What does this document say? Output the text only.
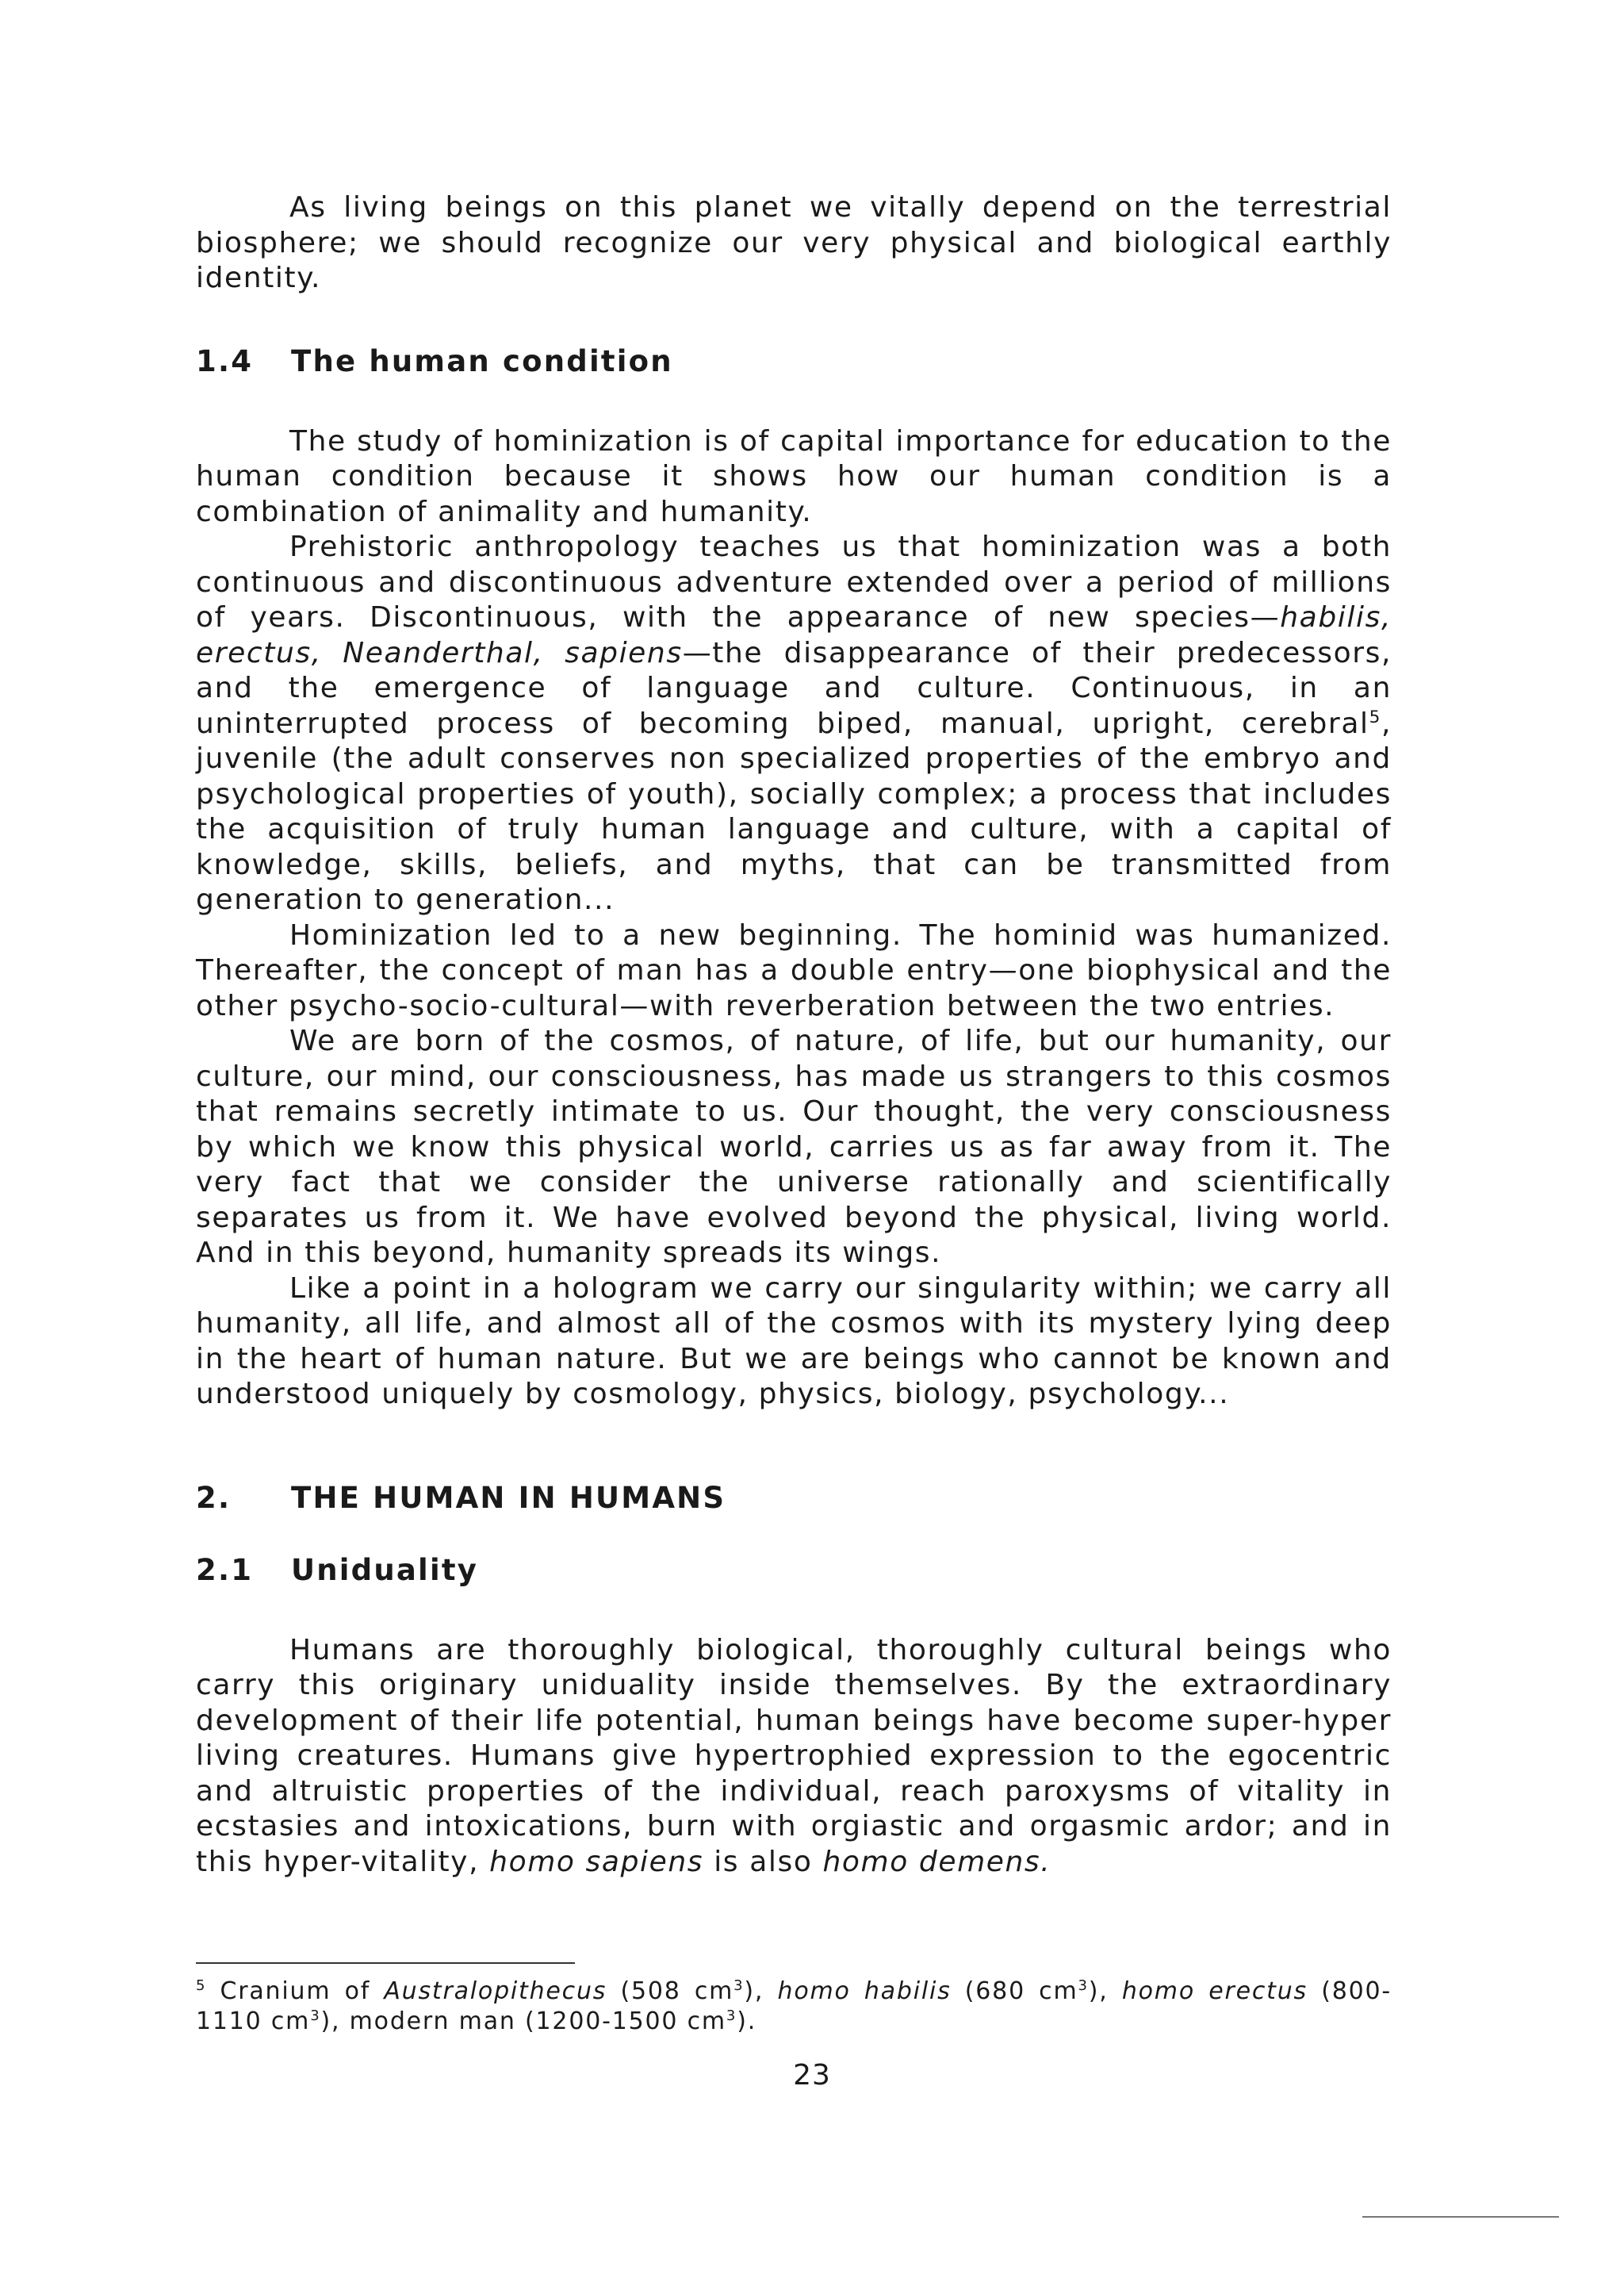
As living beings on this planet we vitally depend on the terrestrial biosphere; we should recognize our very physical and biological earthly identity.

1.4	The human condition

The study of hominization is of capital importance for education to the human condition because it shows how our human condition is a combination of animality and humanity.

Prehistoric anthropology teaches us that hominization was a both continuous and discontinuous adventure extended over a period of millions of years. Discontinuous, with the appearance of new species—habilis, erectus, Neanderthal, sapiens—the disappearance of their predecessors, and the emergence of language and culture. Continuous, in an uninterrupted process of becoming biped, manual, upright, cerebral$^5$, juvenile (the adult conserves non specialized properties of the embryo and psychological properties of youth), socially complex; a process that includes the acquisition of truly human language and culture, with a capital of knowledge, skills, beliefs, and myths, that can be transmitted from generation to generation...

Hominization led to a new beginning. The hominid was humanized. Thereafter, the concept of man has a double entry—one biophysical and the other psycho-socio-cultural—with reverberation between the two entries.

We are born of the cosmos, of nature, of life, but our humanity, our culture, our mind, our consciousness, has made us strangers to this cosmos that remains secretly intimate to us. Our thought, the very consciousness by which we know this physical world, carries us as far away from it. The very fact that we consider the universe rationally and scientifically separates us from it. We have evolved beyond the physical, living world. And in this beyond, humanity spreads its wings.

Like a point in a hologram we carry our singularity within; we carry all humanity, all life, and almost all of the cosmos with its mystery lying deep in the heart of human nature. But we are beings who cannot be known and understood uniquely by cosmology, physics, biology, psychology...

2.	THE HUMAN IN HUMANS
2.1	Uniduality

Humans are thoroughly biological, thoroughly cultural beings who carry this originary uniduality inside themselves. By the extraordinary development of their life potential, human beings have become super-hyper living creatures. Humans give hypertrophied expression to the egocentric and altruistic properties of the individual, reach paroxysms of vitality in ecstasies and intoxications, burn with orgiastic and orgasmic ardor; and in this hyper-vitality, homo sapiens is also homo demens.

$^5$ Cranium of Australopithecus (508 $cm^3$), homo habilis (680 $cm^3$), homo erectus (800-1110 $cm^3$), modern man (1200-1500 $cm^3$).
23
